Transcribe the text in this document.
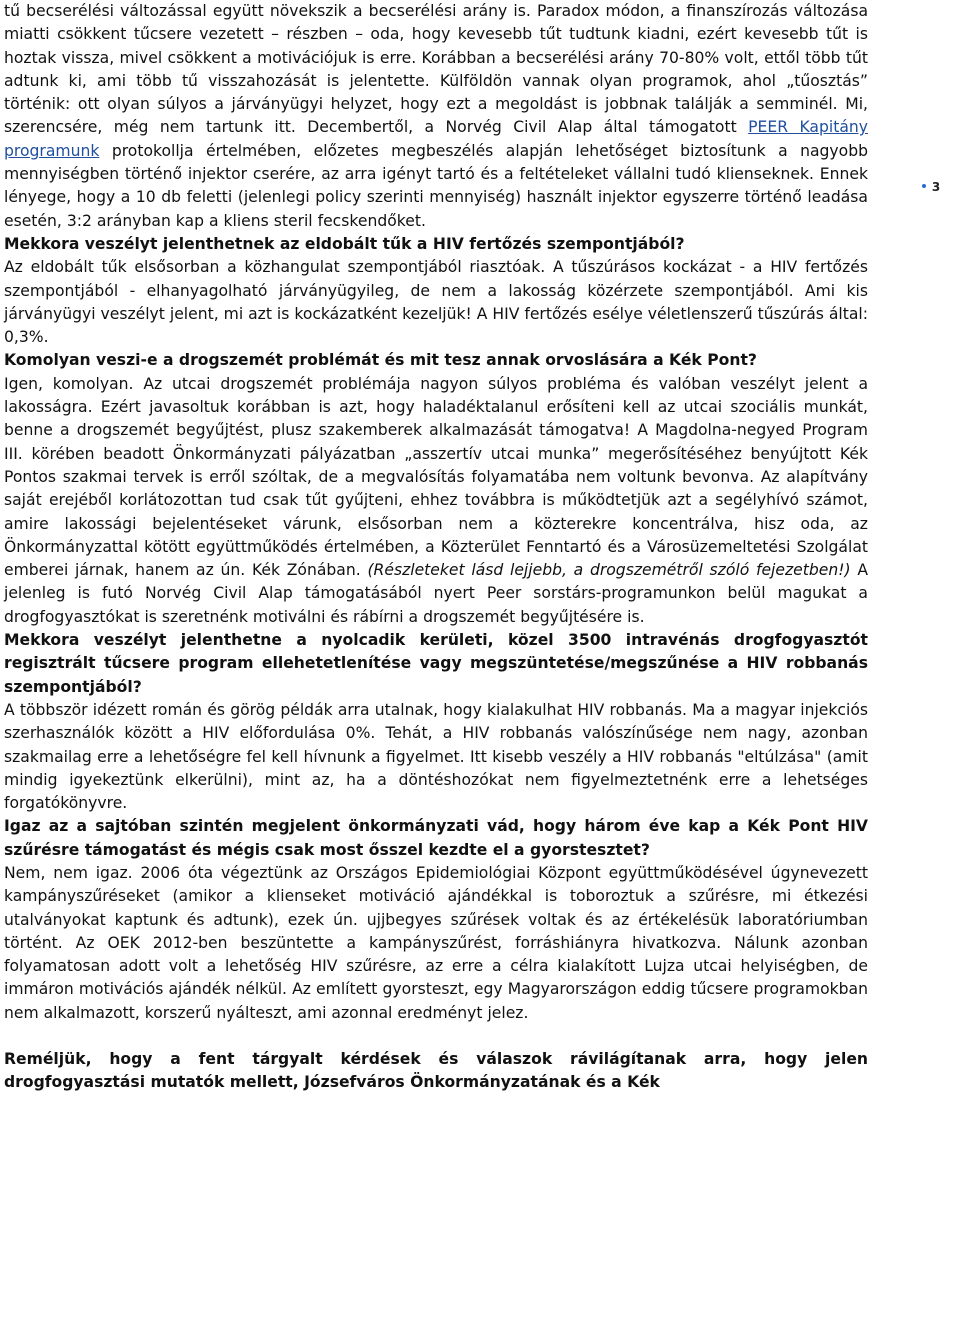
tű becserélési változással együtt növekszik a becserélési arány is. Paradox módon, a finanszírozás változása miatti csökkent tűcsere vezetett – részben – oda, hogy kevesebb tűt tudtunk kiadni, ezért kevesebb tűt is hoztak vissza, mivel csökkent a motivációjuk is erre. Korábban a becserélési arány 70-80% volt, ettől több tűt adtunk ki, ami több tű visszahozását is jelentette. Külföldön vannak olyan programok, ahol „tűosztás” történik: ott olyan súlyos a járványügyi helyzet, hogy ezt a megoldást is jobbnak találják a semminél. Mi, szerencsére, még nem tartunk itt. Decembertől, a Norvég Civil Alap által támogatott PEER Kapitány programunk protokollja értelmében, előzetes megbeszélés alapján lehetőséget biztosítunk a nagyobb mennyiségben történő injektor cserére, az arra igényt tartó és a feltételeket vállalni tudó klienseknek. Ennek lényege, hogy a 10 db feletti (jelenlegi policy szerinti mennyiség) használt injektor egyszerre történő leadása esetén, 3:2 arányban kap a kliens steril fecskendőket.

Mekkora veszélyt jelenthetnek az eldobált tűk a HIV fertőzés szempontjából?

Az eldobált tűk elsősorban a közhangulat szempontjából riasztóak. A tűszúrásos kockázat - a HIV fertőzés szempontjából - elhanyagolható járványügyileg, de nem a lakosság közérzete szempontjából. Ami kis járványügyi veszélyt jelent, mi azt is kockázatként kezeljük! A HIV fertőzés esélye véletlenszerű tűszúrás által: 0,3%.

Komolyan veszi-e a drogszemét problémát és mit tesz annak orvoslására a Kék Pont?

Igen, komolyan. Az utcai drogszemét problémája nagyon súlyos probléma és valóban veszélyt jelent a lakosságra. Ezért javasoltuk korábban is azt, hogy haladéktalanul erősíteni kell az utcai szociális munkát, benne a drogszemét begyűjtést, plusz szakemberek alkalmazását támogatva! A Magdolna-negyed Program III. körében beadott Önkormányzati pályázatban „asszertív utcai munka” megerősítéséhez benyújtott Kék Pontos szakmai tervek is erről szóltak, de a megvalósítás folyamatába nem voltunk bevonva. Az alapítvány saját erejéből korlátozottan tud csak tűt gyűjteni, ehhez továbbra is működtetjük azt a segélyhívó számot, amire lakossági bejelentéseket várunk, elsősorban nem a közterekre koncentrálva, hisz oda, az Önkormányzattal kötött együttműködés értelmében, a Közterület Fenntartó és a Városüzemeltetési Szolgálat emberei járnak, hanem az ún. Kék Zónában. (Részleteket lásd lejjebb, a drogszemétről szóló fejezetben!) A jelenleg is futó Norvég Civil Alap támogatásából nyert Peer sorstárs-programunkon belül magukat a drogfogyasztókat is szeretnénk motiválni és rábírni a drogszemét begyűjtésére is.

Mekkora veszélyt jelenthetne a nyolcadik kerületi, közel 3500 intravénás drogfogyasztót regisztrált tűcsere program ellehetetlenítése vagy megszüntetése/megszűnése a HIV robbanás szempontjából?

A többször idézett román és görög példák arra utalnak, hogy kialakulhat HIV robbanás. Ma a magyar injekciós szerhasználók között a HIV előfordulása 0%. Tehát, a HIV robbanás valószínűsége nem nagy, azonban szakmailag erre a lehetőségre fel kell hívnunk a figyelmet. Itt kisebb veszély a HIV robbanás "eltúlzása" (amit mindig igyekeztünk elkerülni), mint az, ha a döntéshozókat nem figyelmeztetnénk erre a lehetséges forgatókönyvre.

Igaz az a sajtóban szintén megjelent önkormányzati vád, hogy három éve kap a Kék Pont HIV szűrésre támogatást és mégis csak most ősszel kezdte el a gyorstesztet?

Nem, nem igaz. 2006 óta végeztünk az Országos Epidemiológiai Központ együttműködésével úgynevezett kampányszűréseket (amikor a klienseket motiváció ajándékkal is toboroztuk a szűrésre, mi étkezési utalványokat kaptunk és adtunk), ezek ún. ujjbegyes szűrések voltak és az értékelésük laboratóriumban történt. Az OEK 2012-ben beszüntette a kampányszűrést, forráshiányra hivatkozva. Nálunk azonban folyamatosan adott volt a lehetőség HIV szűrésre, az erre a célra kialakított Lujza utcai helyiségben, de immáron motivációs ajándék nélkül. Az említett gyorsteszt, egy Magyarországon eddig tűcsere programokban nem alkalmazott, korszerű nyálteszt, ami azonnal eredményt jelez.

Reméljük, hogy a fent tárgyalt kérdések és válaszok rávilágítanak arra, hogy jelen drogfogyasztási mutatók mellett, Józsefváros Önkormányzatának és a Kék

3
